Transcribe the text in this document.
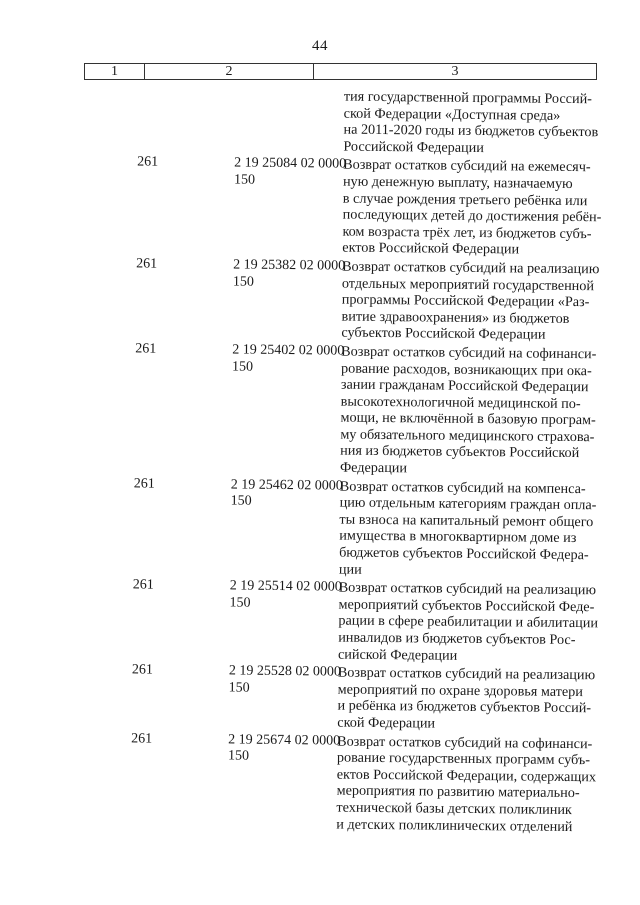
44
1	2	3
тия государственной программы Россий-
ской Федерации «Доступная среда»
на 2011-2020 годы из бюджетов субъектов
Российской Федерации
261	2 19 25084 02 0000 150
Возврат остатков субсидий на ежемесяч-
ную денежную выплату, назначаемую
в случае рождения третьего ребёнка или
последующих детей до достижения ребён-
ком возраста трёх лет, из бюджетов субъ-
ектов Российской Федерации
261	2 19 25382 02 0000 150
Возврат остатков субсидий на реализацию
отдельных мероприятий государственной
программы Российской Федерации «Раз-
витие здравоохранения» из бюджетов
субъектов Российской Федерации
261	2 19 25402 02 0000 150
Возврат остатков субсидий на софинанси-
рование расходов, возникающих при ока-
зании гражданам Российской Федерации
высокотехнологичной медицинской по-
мощи, не включённой в базовую програм-
му обязательного медицинского страхова-
ния из бюджетов субъектов Российской
Федерации
261	2 19 25462 02 0000 150
Возврат остатков субсидий на компенса-
цию отдельным категориям граждан опла-
ты взноса на капитальный ремонт общего
имущества в многоквартирном доме из
бюджетов субъектов Российской Федера-
ции
261	2 19 25514 02 0000 150
Возврат остатков субсидий на реализацию
мероприятий субъектов Российской Феде-
рации в сфере реабилитации и абилитации
инвалидов из бюджетов субъектов Рос-
сийской Федерации
261	2 19 25528 02 0000 150
Возврат остатков субсидий на реализацию
мероприятий по охране здоровья матери
и ребёнка из бюджетов субъектов Россий-
ской Федерации
261	2 19 25674 02 0000 150
Возврат остатков субсидий на софинанси-
рование государственных программ субъ-
ектов Российской Федерации, содержащих
мероприятия по развитию материально-
технической базы детских поликлиник
и детских поликлинических отделений
